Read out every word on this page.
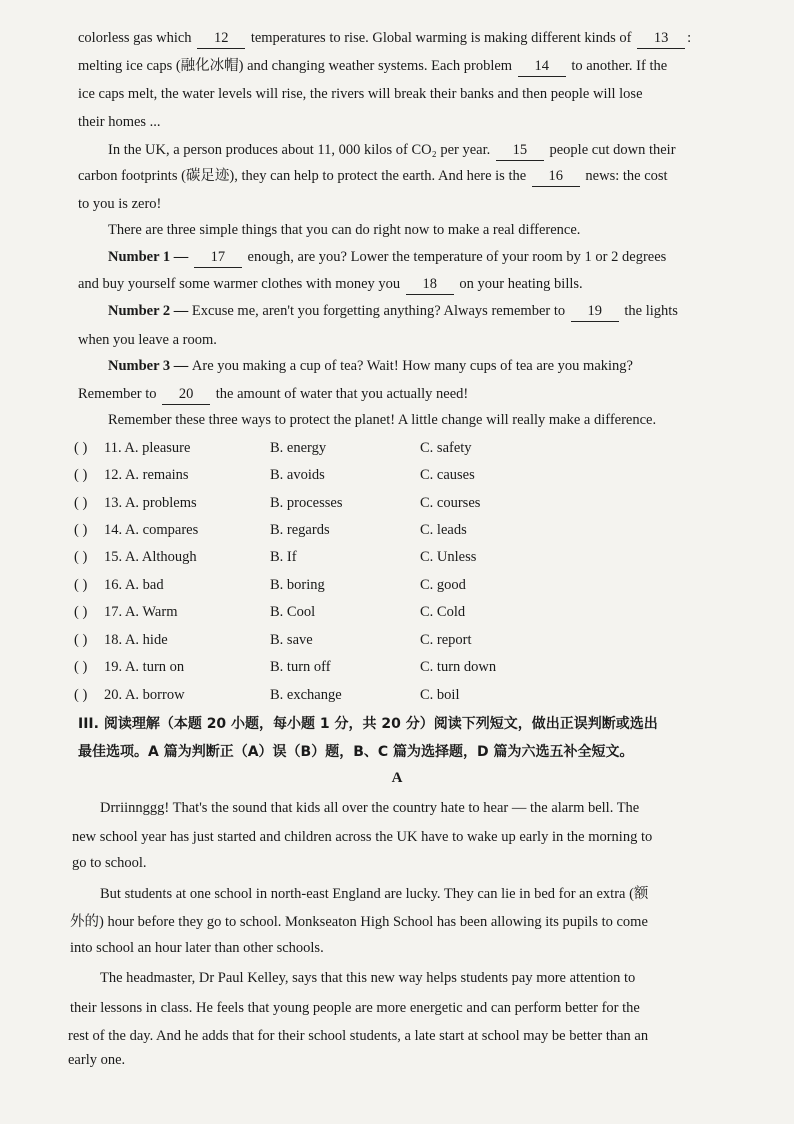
colorless gas which 12 temperatures to rise. Global warming is making different kinds of 13 :
melting ice caps (融化冰帽) and changing weather systems. Each problem 14 to another. If the
ice caps melt, the water levels will rise, the rivers will break their banks and then people will lose
their homes ...
In the UK, a person produces about 11, 000 kilos of CO₂ per year. 15 people cut down their
carbon footprints (碳足迹), they can help to protect the earth. And here is the 16 news: the cost
to you is zero!
There are three simple things that you can do right now to make a real difference.
Number 1 — 17 enough, are you? Lower the temperature of your room by 1 or 2 degrees
and buy yourself some warmer clothes with money you 18 on your heating bills.
Number 2 — Excuse me, aren't you forgetting anything? Always remember to 19 the lights
when you leave a room.
Number 3 — Are you making a cup of tea? Wait! How many cups of tea are you making?
Remember to 20 the amount of water that you actually need!
Remember these three ways to protect the planet! A little change will really make a difference.
( )	11. A. pleasure	B. energy	C. safety
( )	12. A. remains	B. avoids	C. causes
( )	13. A. problems	B. processes	C. courses
( )	14. A. compares	B. regards	C. leads
( )	15. A. Although	B. If	C. Unless
( )	16. A. bad	B. boring	C. good
( )	17. A. Warm	B. Cool	C. Cold
( )	18. A. hide	B. save	C. report
( )	19. A. turn on	B. turn off	C. turn down
( )	20. A. borrow	B. exchange	C. boil
III. 阅读理解（本题 20 小题，每小题 1 分，共 20 分）阅读下列短文，做出正误判断或选出
最佳选项。A 篇为判断正（A）误（B）题，B、C 篇为选择题，D 篇为六选五补全短文。
A
Drriinnggg! That's the sound that kids all over the country hate to hear — the alarm bell. The
new school year has just started and children across the UK have to wake up early in the morning to
go to school.
But students at one school in north-east England are lucky. They can lie in bed for an extra (额
外的) hour before they go to school. Monkseaton High School has been allowing its pupils to come
into school an hour later than other schools.
The headmaster, Dr Paul Kelley, says that this new way helps students pay more attention to
their lessons in class. He feels that young people are more energetic and can perform better for the
rest of the day. And he adds that for their school students, a late start at school may be better than an
early one.
